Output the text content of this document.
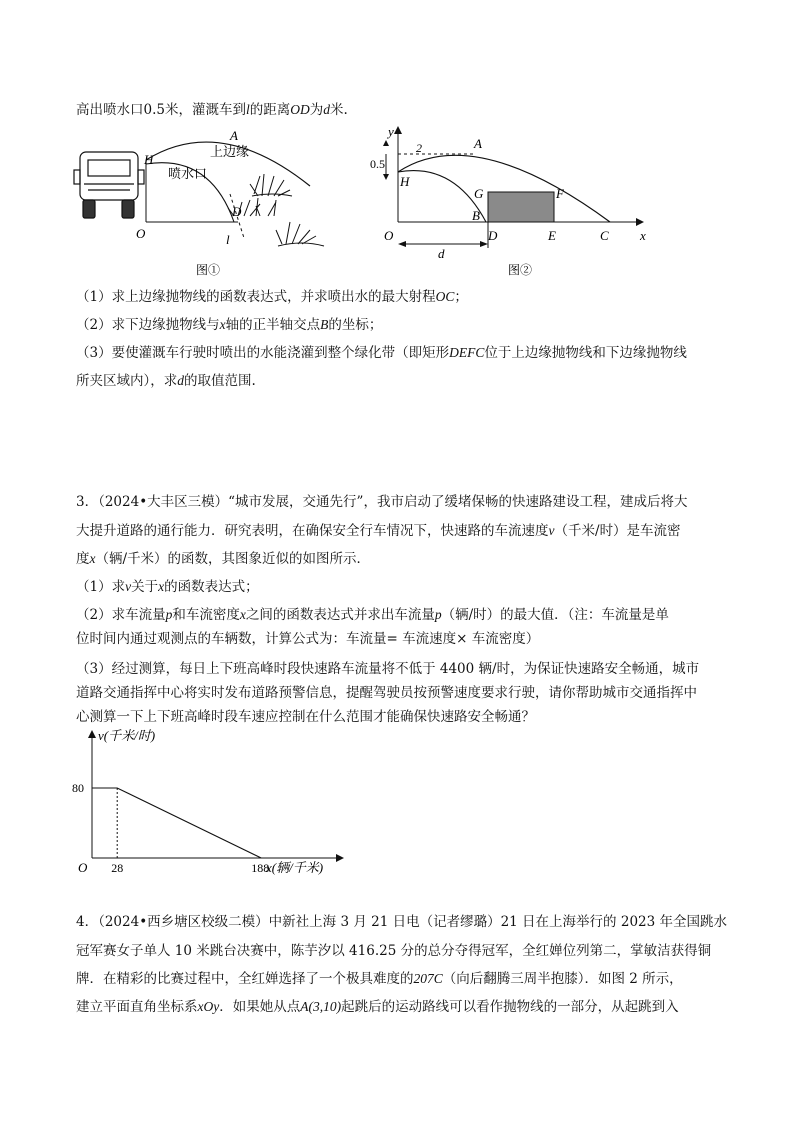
高出喷水口0.5米，灌溉车到l的距离OD为d米.
A
上边缘
H
喷水口
D
O	l
图①
y
x
0.5
2	A
H
G	F
B
O	D	E	C
d
图②
（1）求上边缘抛物线的函数表达式，并求喷出水的最大射程OC；
（2）求下边缘抛物线与x轴的正半轴交点B的坐标；
（3）要使灌溉车行驶时喷出的水能浇灌到整个绿化带（即矩形DEFC位于上边缘抛物线和下边缘抛物线
所夹区域内），求d的取值范围.
3．（2024•大丰区三模）“城市发展，交通先行”，我市启动了缓堵保畅的快速路建设工程，建成后将大
大提升道路的通行能力．研究表明，在确保安全行车情况下，快速路的车流速度v（千米/时）是车流密
度x（辆/千米）的函数，其图象近似的如图所示．
（1）求v关于x的函数表达式；
（2）求车流量p和车流密度x之间的函数表达式并求出车流量p（辆/时）的最大值．（注：车流量是单
位时间内通过观测点的车辆数，计算公式为：车流量= 车流速度× 车流密度）
（3）经过测算，每日上下班高峰时段快速路车流量将不低于 4400 辆/时，为保证快速路安全畅通，城市
道路交通指挥中心将实时发布道路预警信息，提醒驾驶员按预警速度要求行驶，请你帮助城市交通指挥中
心测算一下上下班高峰时段车速应控制在什么范围才能确保快速路安全畅通？
v(千米/时)
80
O 28	188
x(辆/千米)
4．（2024•西乡塘区校级二模）中新社上海 3 月 21 日电（记者缪璐）21 日在上海举行的 2023 年全国跳水
冠军赛女子单人 10 米跳台决赛中，陈芋汐以 416.25 分的总分夺得冠军，全红婵位列第二，掌敏洁获得铜
牌．在精彩的比赛过程中，全红婵选择了一个极具难度的207C（向后翻腾三周半抱膝）．如图 2 所示，
建立平面直角坐标系xOy．如果她从点A(3,10)起跳后的运动路线可以看作抛物线的一部分，从起跳到入
